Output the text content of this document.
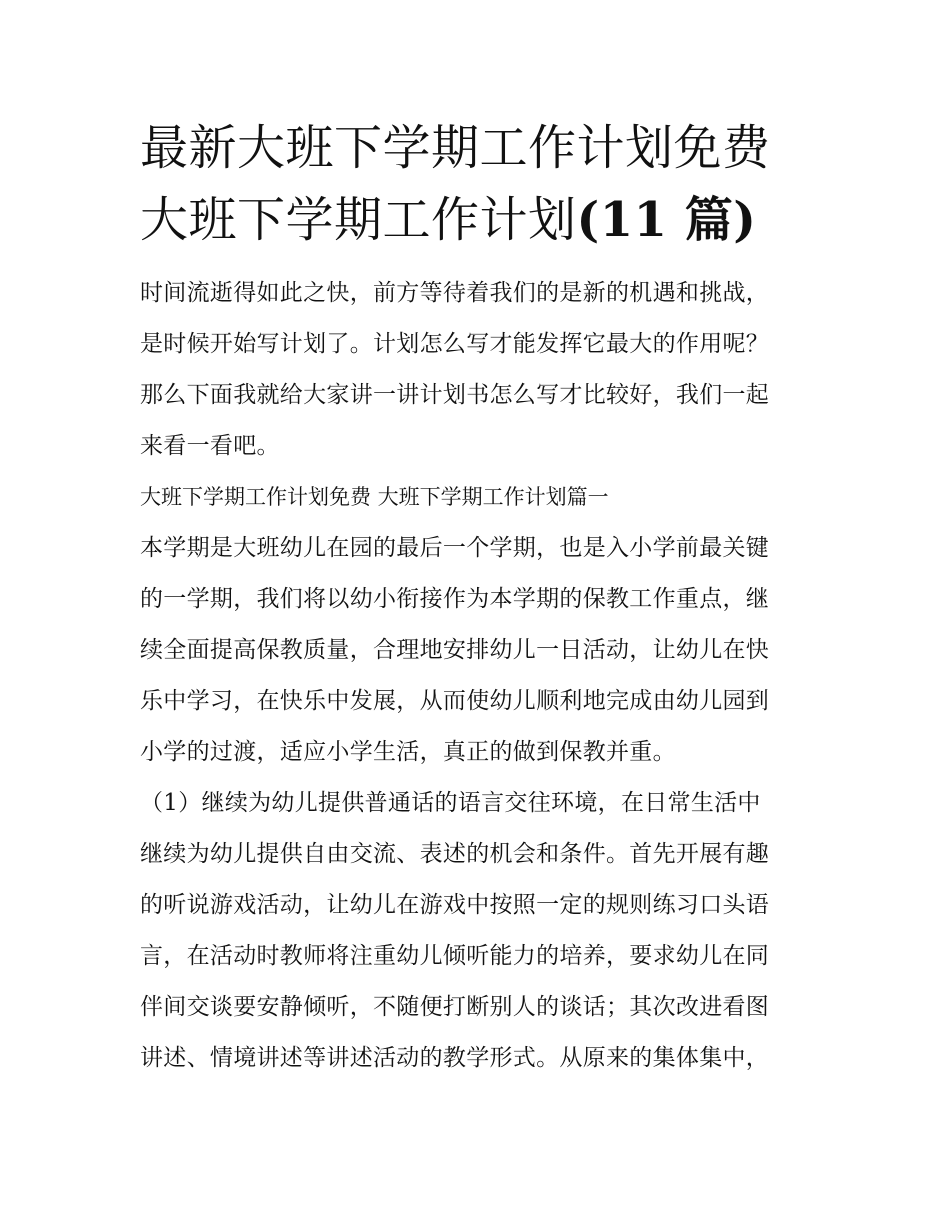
最新大班下学期工作计划免费
大班下学期工作计划(11 篇)

时间流逝得如此之快，前方等待着我们的是新的机遇和挑战，

是时候开始写计划了。计划怎么写才能发挥它最大的作用呢？

那么下面我就给大家讲一讲计划书怎么写才比较好，我们一起

来看一看吧。

大班下学期工作计划免费 大班下学期工作计划篇一

本学期是大班幼儿在园的最后一个学期，也是入小学前最关键

的一学期，我们将以幼小衔接作为本学期的保教工作重点，继

续全面提高保教质量，合理地安排幼儿一日活动，让幼儿在快

乐中学习，在快乐中发展，从而使幼儿顺利地完成由幼儿园到

小学的过渡，适应小学生活，真正的做到保教并重。

（1）继续为幼儿提供普通话的语言交往环境，在日常生活中

继续为幼儿提供自由交流、表述的机会和条件。首先开展有趣

的听说游戏活动，让幼儿在游戏中按照一定的规则练习口头语

言，在活动时教师将注重幼儿倾听能力的培养，要求幼儿在同

伴间交谈要安静倾听，不随便打断别人的谈话；其次改进看图

讲述、情境讲述等讲述活动的教学形式。从原来的集体集中，
